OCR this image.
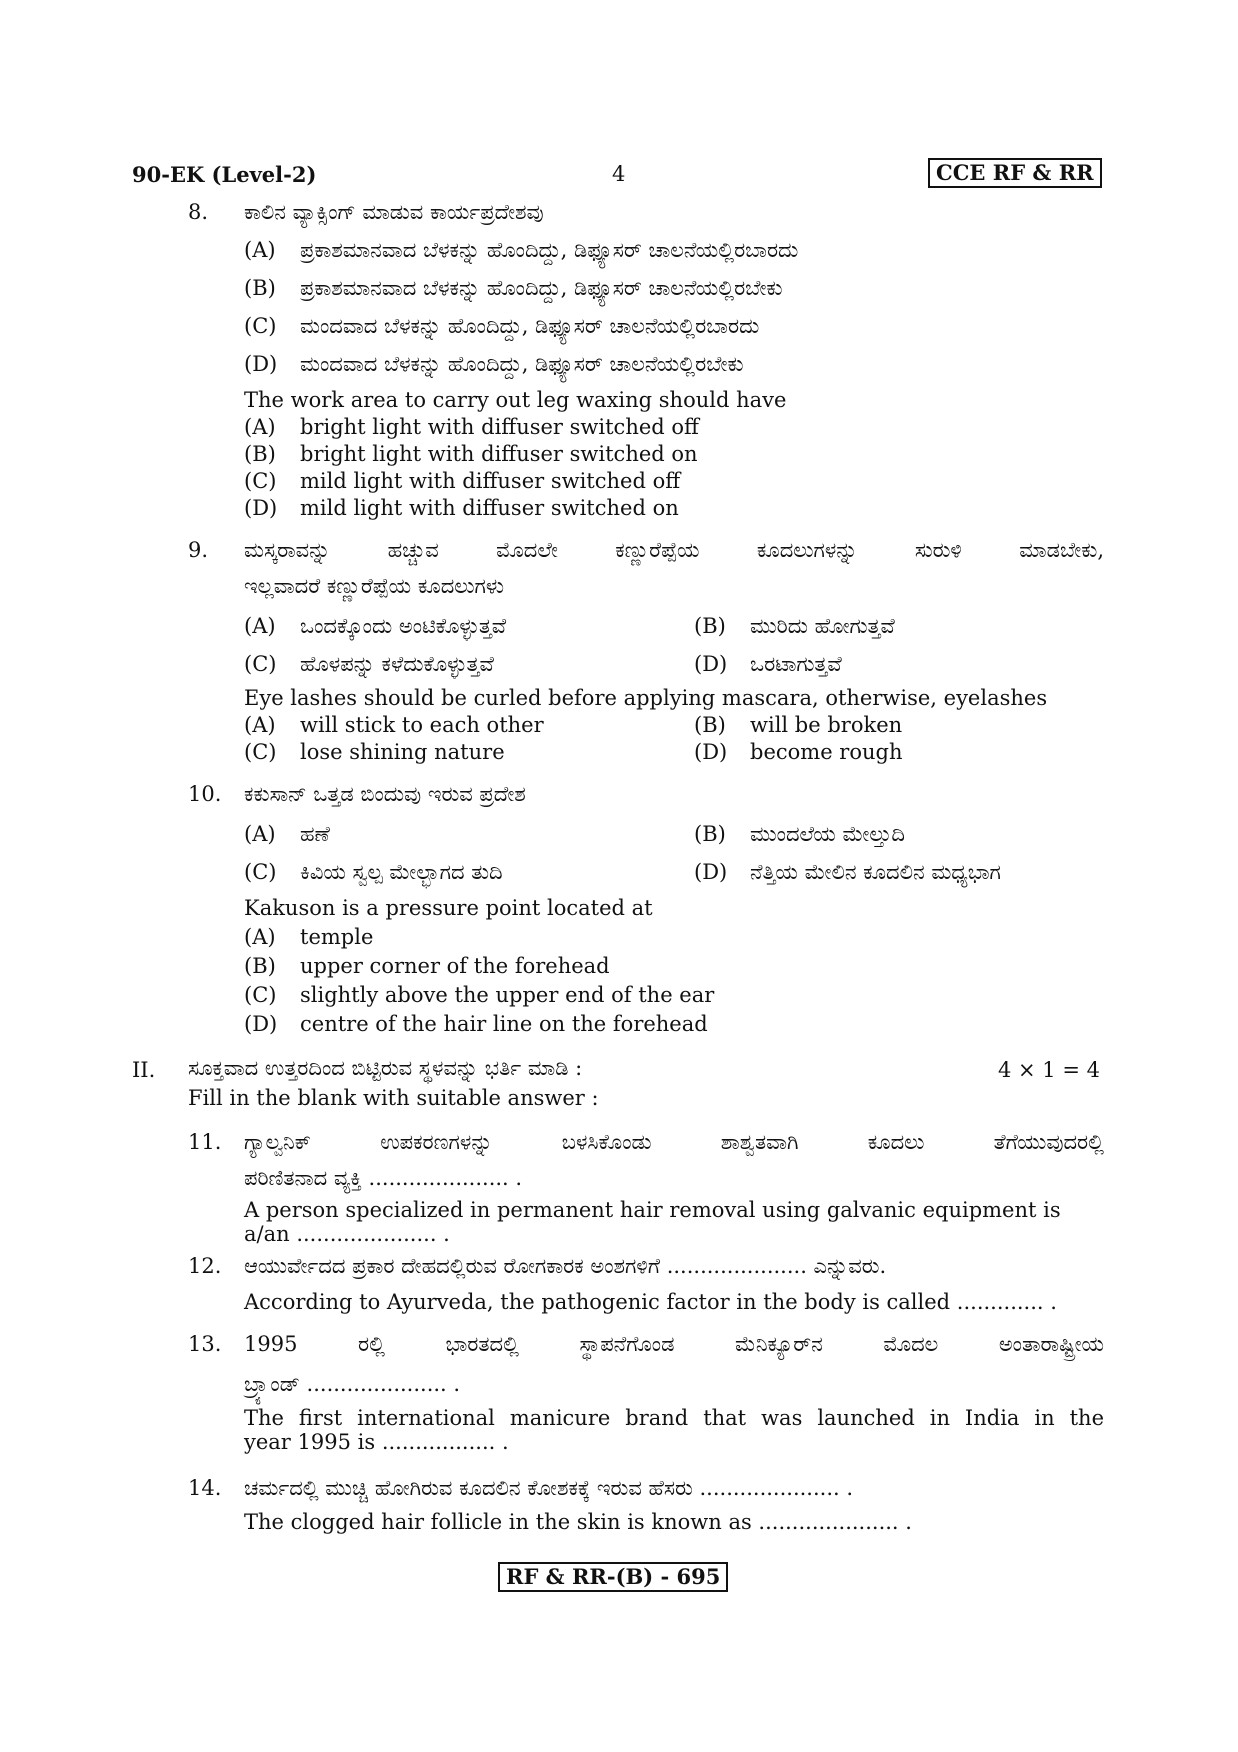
90-EK (Level-2)	4	CCE RF & RR
8. ಕಾಲಿನ ವ್ಯಾಕ್ಸಿಂಗ್ ಮಾಡುವ ಕಾರ್ಯಪ್ರದೇಶವು
(A) ಪ್ರಕಾಶಮಾನವಾದ ಬೆಳಕನ್ನು ಹೊಂದಿದ್ದು, ಡಿಫ್ಯೂಸರ್ ಚಾಲನೆಯಲ್ಲಿರಬಾರದು
(B) ಪ್ರಕಾಶಮಾನವಾದ ಬೆಳಕನ್ನು ಹೊಂದಿದ್ದು, ಡಿಫ್ಯೂಸರ್ ಚಾಲನೆಯಲ್ಲಿರಬೇಕು
(C) ಮಂದವಾದ ಬೆಳಕನ್ನು ಹೊಂದಿದ್ದು, ಡಿಫ್ಯೂಸರ್ ಚಾಲನೆಯಲ್ಲಿರಬಾರದು
(D) ಮಂದವಾದ ಬೆಳಕನ್ನು ಹೊಂದಿದ್ದು, ಡಿಫ್ಯೂಸರ್ ಚಾಲನೆಯಲ್ಲಿರಬೇಕು
The work area to carry out leg waxing should have
(A) bright light with diffuser switched off
(B) bright light with diffuser switched on
(C) mild light with diffuser switched off
(D) mild light with diffuser switched on
9. ಮಸ್ಕರಾವನ್ನು ಹಚ್ಚುವ ಮೊದಲೇ ಕಣ್ಣುರೆಪ್ಪೆಯ ಕೂದಲುಗಳನ್ನು ಸುರುಳಿ ಮಾಡಬೇಕು,
ಇಲ್ಲವಾದರೆ ಕಣ್ಣುರೆಪ್ಪೆಯ ಕೂದಲುಗಳು
(A) ಒಂದಕ್ಕೊಂದು ಅಂಟಿಕೊಳ್ಳುತ್ತವೆ	(B) ಮುರಿದು ಹೋಗುತ್ತವೆ
(C) ಹೊಳಪನ್ನು ಕಳೆದುಕೊಳ್ಳುತ್ತವೆ	(D) ಒರಟಾಗುತ್ತವೆ
Eye lashes should be curled before applying mascara, otherwise, eyelashes
(A) will stick to each other	(B) will be broken
(C) lose shining nature	(D) become rough
10. ಕಕುಸಾನ್ ಒತ್ತಡ ಬಿಂದುವು ಇರುವ ಪ್ರದೇಶ
(A) ಹಣೆ	(B) ಮುಂದಲೆಯ ಮೇಲ್ತುದಿ
(C) ಕಿವಿಯ ಸ್ವಲ್ಪ ಮೇಲ್ಭಾಗದ ತುದಿ	(D) ನೆತ್ತಿಯ ಮೇಲಿನ ಕೂದಲಿನ ಮಧ್ಯಭಾಗ
Kakuson is a pressure point located at
(A) temple
(B) upper corner of the forehead
(C) slightly above the upper end of the ear
(D) centre of the hair line on the forehead
II. ಸೂಕ್ತವಾದ ಉತ್ತರದಿಂದ ಬಿಟ್ಟಿರುವ ಸ್ಥಳವನ್ನು ಭರ್ತಿ ಮಾಡಿ :	4 × 1 = 4
Fill in the blank with suitable answer :
11. ಗ್ಯಾಲ್ವನಿಕ್ ಉಪಕರಣಗಳನ್ನು ಬಳಸಿಕೊಂಡು ಶಾಶ್ವತವಾಗಿ ಕೂದಲು ತೆಗೆಯುವುದರಲ್ಲಿ
ಪರಿಣಿತನಾದ ವ್ಯಕ್ತಿ ..................... .
A person specialized in permanent hair removal using galvanic equipment is
a/an ..................... .
12. ಆಯುರ್ವೇದದ ಪ್ರಕಾರ ದೇಹದಲ್ಲಿರುವ ರೋಗಕಾರಕ ಅಂಶಗಳಿಗೆ ..................... ಎನ್ನುವರು.
According to Ayurveda, the pathogenic factor in the body is called ............. .
13. 1995 ರಲ್ಲಿ ಭಾರತದಲ್ಲಿ ಸ್ಥಾಪನೆಗೊಂಡ ಮೆನಿಕ್ಯೂರ್‌ನ ಮೊದಲ ಅಂತಾರಾಷ್ಟ್ರೀಯ
ಬ್ರ್ಯಾಂಡ್ ..................... .
The first international manicure brand that was launched in India in the
year 1995 is ................. .
14. ಚರ್ಮದಲ್ಲಿ ಮುಚ್ಚಿ ಹೋಗಿರುವ ಕೂದಲಿನ ಕೋಶಕಕ್ಕೆ ಇರುವ ಹೆಸರು ..................... .
The clogged hair follicle in the skin is known as ..................... .
RF & RR-(B) - 695
